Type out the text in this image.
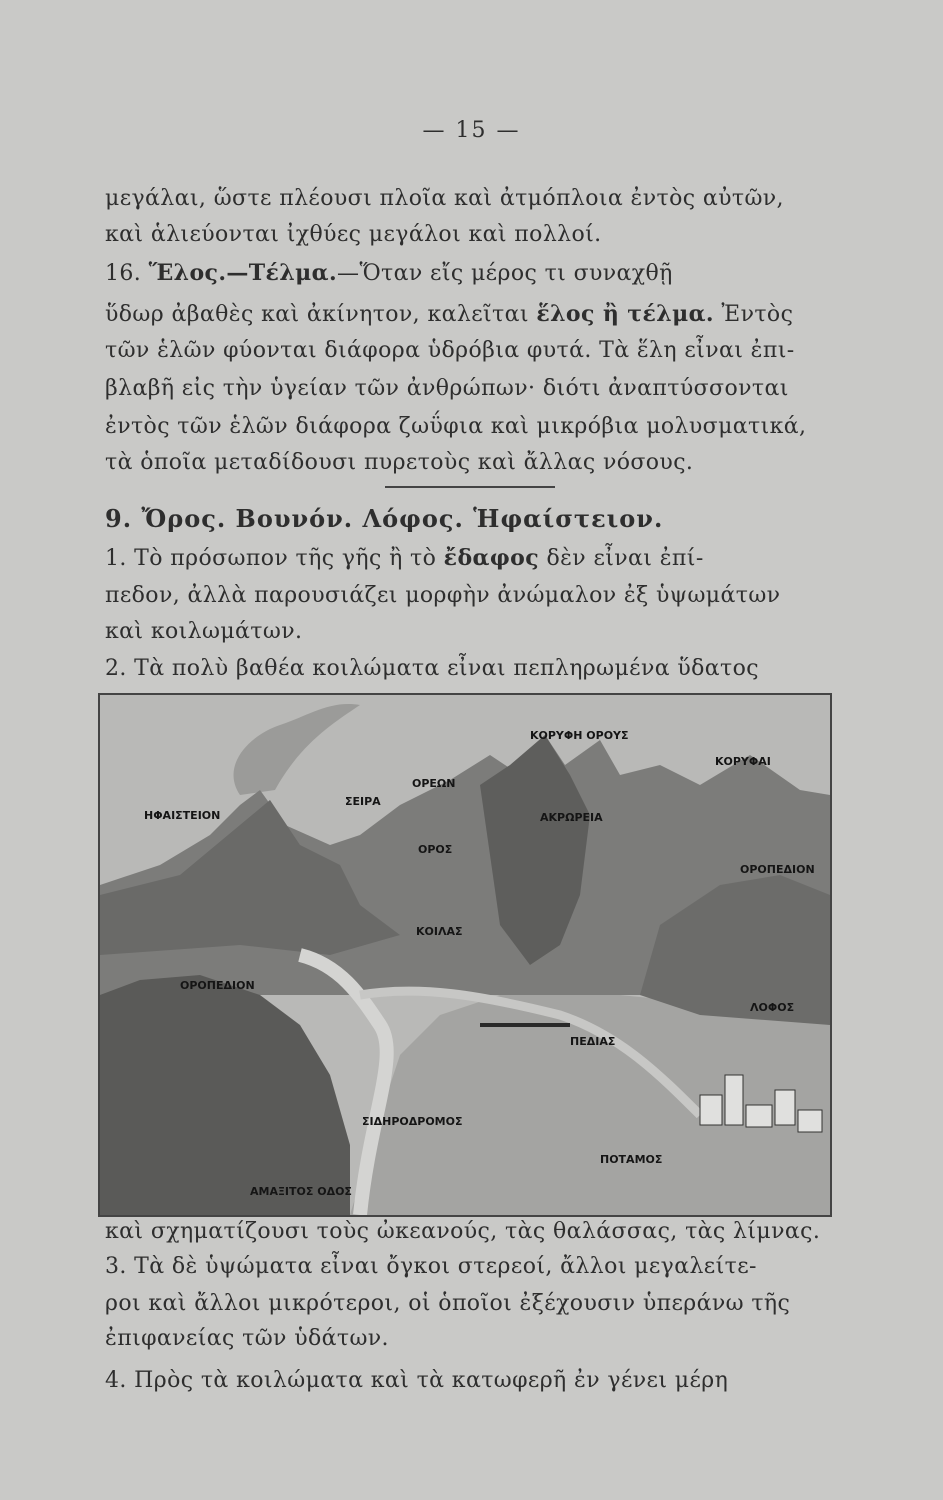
— 15 —
μεγάλαι, ὥστε πλέουσι πλοῖα καὶ ἀτμόπλοια ἐντὸς αὐτῶν,
καὶ ἁλιεύονται ἰχθύες μεγάλοι καὶ πολλοί.
16. Ἕλος.—Τέλμα.—Ὅταν εἴς μέρος τι συναχθῇ
ὕδωρ ἀβαθὲς καὶ ἀκίνητον, καλεῖται ἕλος ἢ τέλμα. Ἐντὸς
τῶν ἑλῶν φύονται διάφορα ὑδρόβια φυτά. Τὰ ἕλη εἶναι ἐπι-
βλαβῆ εἰς τὴν ὑγείαν τῶν ἀνθρώπων· διότι ἀναπτύσσονται
ἐντὸς τῶν ἑλῶν διάφορα ζωΰφια καὶ μικρόβια μολυσματικά,
τὰ ὁποῖα μεταδίδουσι πυρετοὺς καὶ ἄλλας νόσους.
9. Ὄρος. Βουνόν. Λόφος. Ἡφαίστειον.
1. Τὸ πρόσωπον τῆς γῆς ἢ τὸ ἔδαφος δὲν εἶναι ἐπί-
πεδον, ἀλλὰ παρουσιάζει μορφὴν ἀνώμαλον ἐξ ὑψωμάτων
καὶ κοιλωμάτων.
2. Τὰ πολὺ βαθέα κοιλώματα εἶναι πεπληρωμένα ὕδατος
ΚΟΡΥΦΗ ΟΡΟΥΣ
ΚΟΡΥΦΑΙ
ΣΕΙΡΑ
ΟΡΕΩΝ
ΗΦΑΙΣΤΕΙΟΝ	ΑΚΡΩΡΕΙΑ
ΟΡΟΣ
ΟΡΟΠΕΔΙΟΝ
ΚΟΙΛΑΣ
ΟΡΟΠΕΔΙΟΝ
ΛΟΦΟΣ
ΠΕΔΙΑΣ
ΠΟΤΑΜΟΣ
ΣΙΔΗΡΟΔΡΟΜΟΣ
ΑΜΑΞΙΤΟΣ ΟΔΟΣ
καὶ σχηματίζουσι τοὺς ὠκεανούς, τὰς θαλάσσας, τὰς λίμνας.
3. Τὰ δὲ ὑψώματα εἶναι ὄγκοι στερεοί, ἄλλοι μεγαλείτε-
ροι καὶ ἄλλοι μικρότεροι, οἱ ὁποῖοι ἐξέχουσιν ὑπεράνω τῆς
ἐπιφανείας τῶν ὑδάτων.
4. Πρὸς τὰ κοιλώματα καὶ τὰ κατωφερῆ ἐν γένει μέρη
